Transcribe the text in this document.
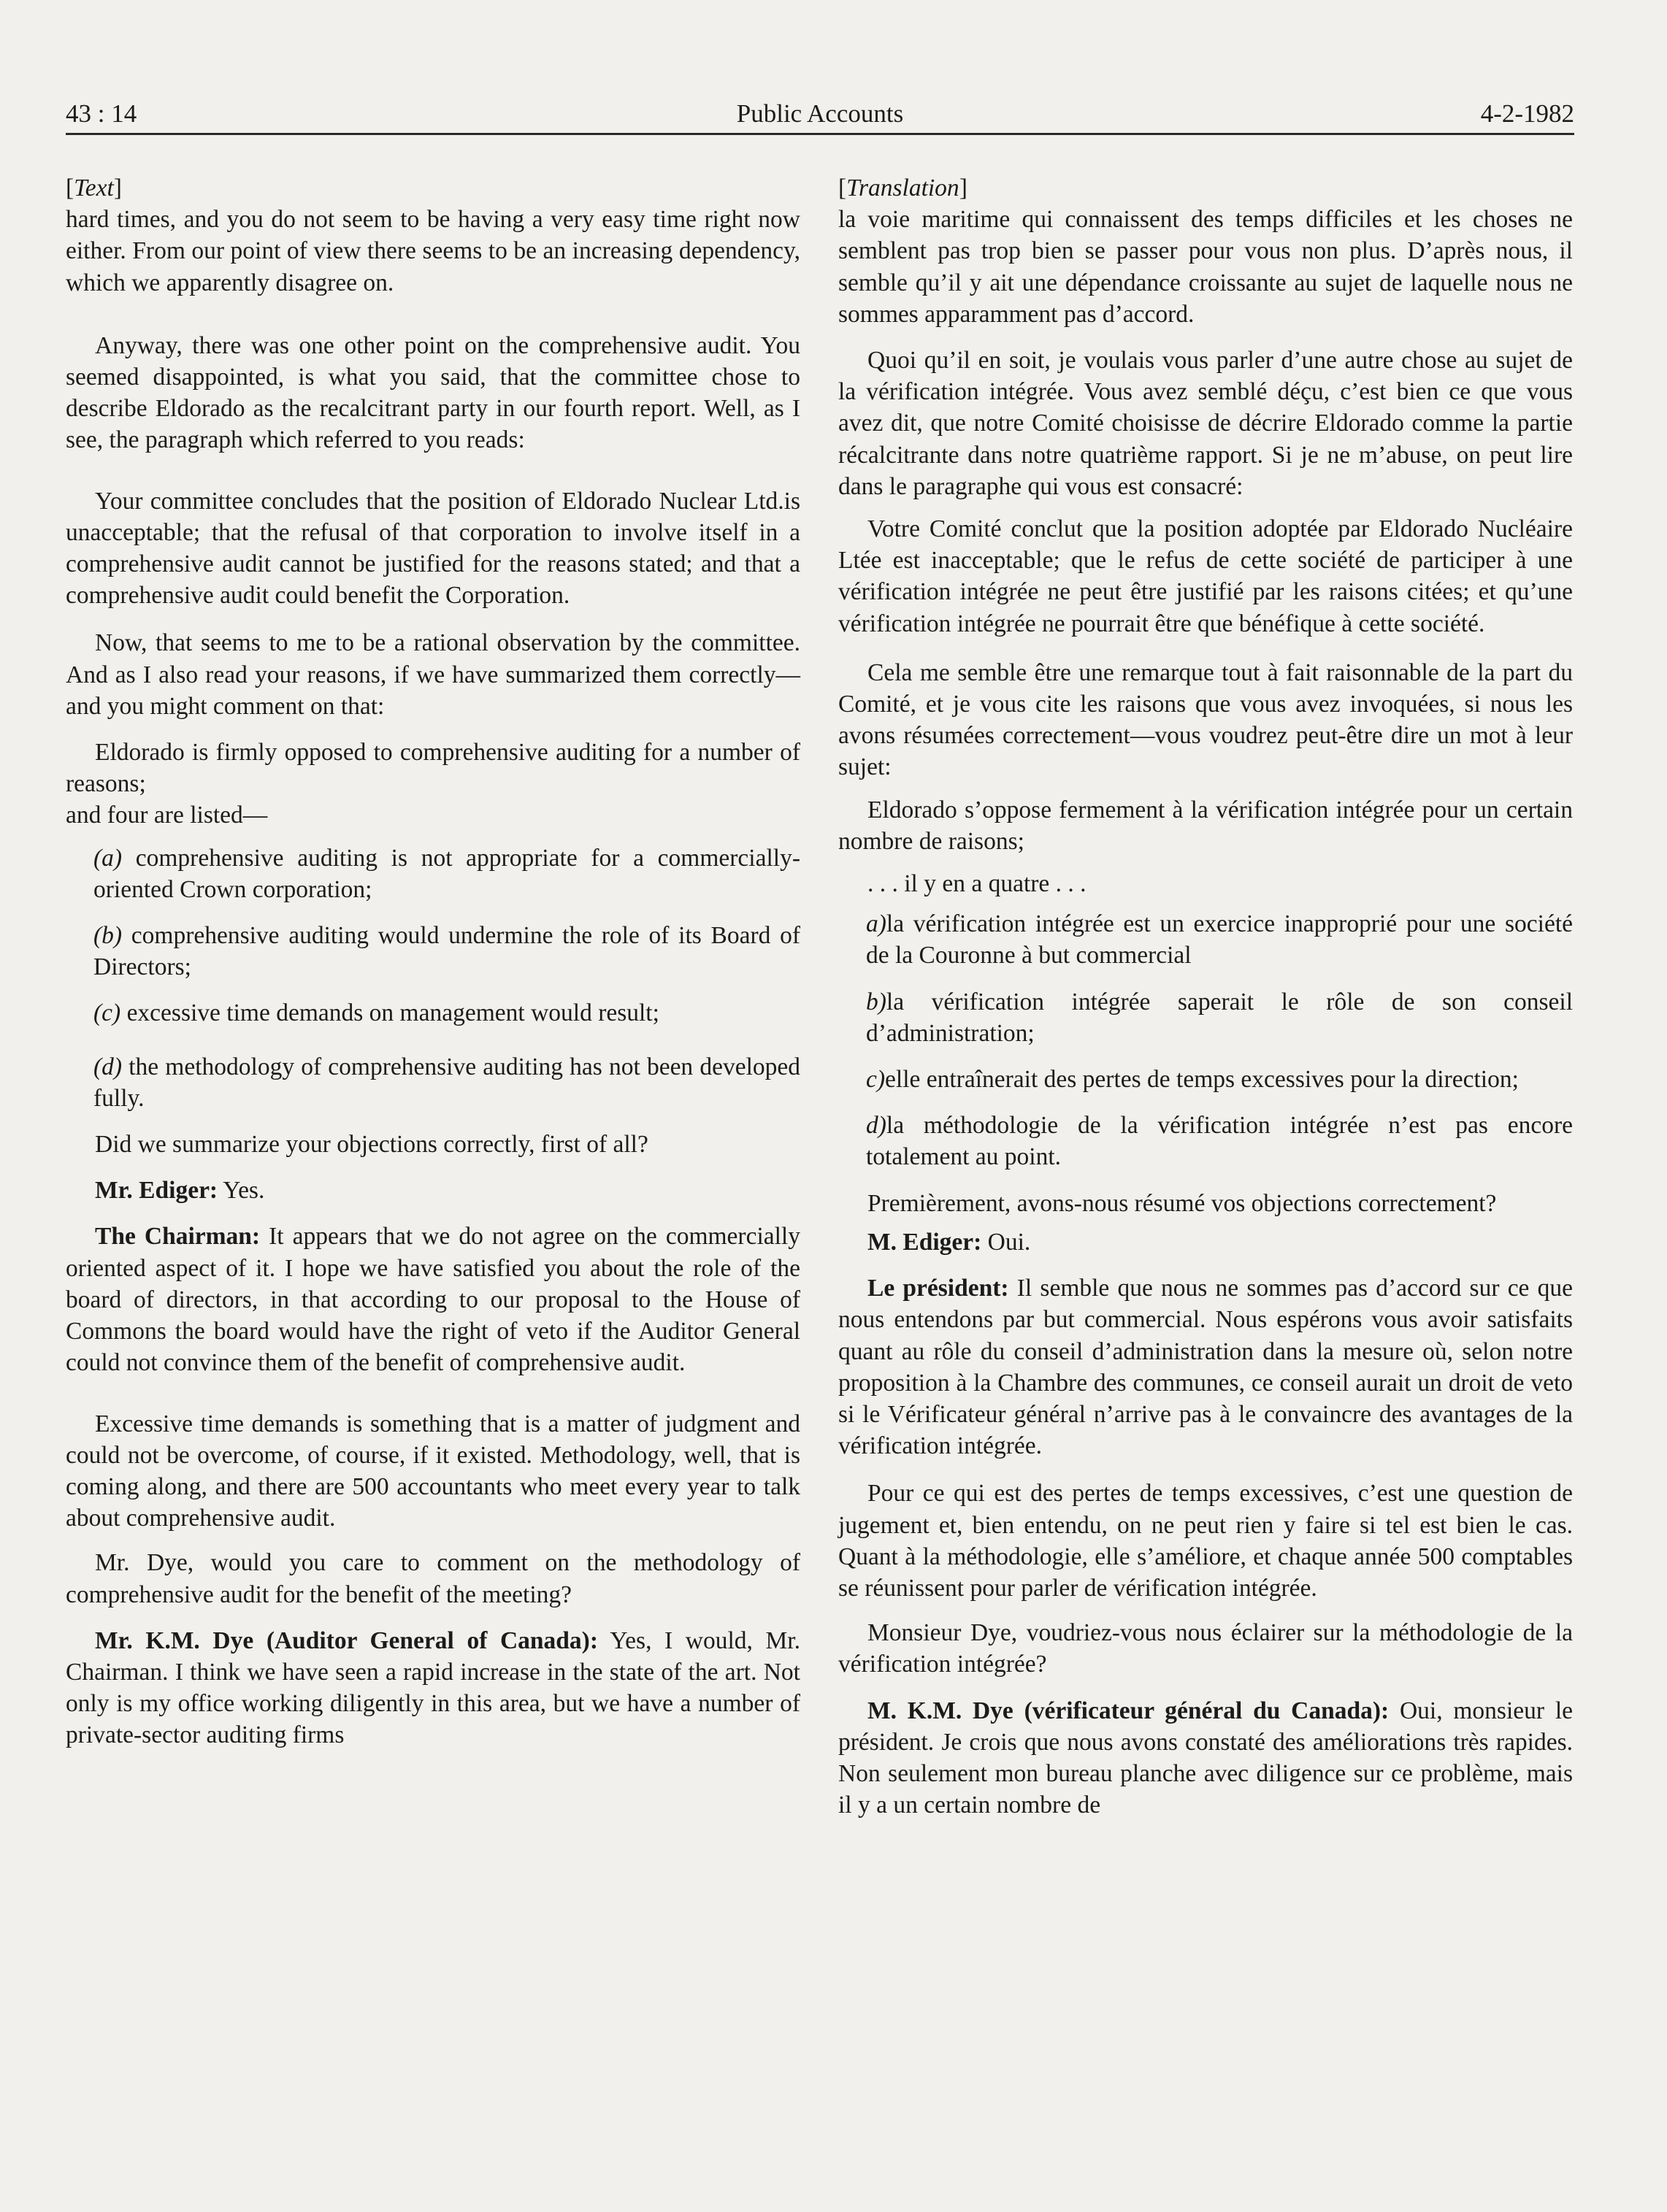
43 : 14	Public Accounts	4-2-1982
[Text]

hard times, and you do not seem to be having a very easy time right now either. From our point of view there seems to be an increasing dependency, which we apparently disagree on.

Anyway, there was one other point on the comprehensive audit. You seemed disappointed, is what you said, that the committee chose to describe Eldorado as the recalcitrant party in our fourth report. Well, as I see, the paragraph which referred to you reads:

Your committee concludes that the position of Eldorado Nuclear Ltd.is unacceptable; that the refusal of that corporation to involve itself in a comprehensive audit cannot be justified for the reasons stated; and that a comprehensive audit could benefit the Corporation.

Now, that seems to me to be a rational observation by the committee. And as I also read your reasons, if we have summarized them correctly—and you might comment on that:

Eldorado is firmly opposed to comprehensive auditing for a number of reasons;

and four are listed—

(a) comprehensive auditing is not appropriate for a commercially-oriented Crown corporation;
(b) comprehensive auditing would undermine the role of its Board of Directors;
(c) excessive time demands on management would result;
(d) the methodology of comprehensive auditing has not been developed fully.

Did we summarize your objections correctly, first of all?

Mr. Ediger: Yes.

The Chairman: It appears that we do not agree on the commercially oriented aspect of it. I hope we have satisfied you about the role of the board of directors, in that according to our proposal to the House of Commons the board would have the right of veto if the Auditor General could not convince them of the benefit of comprehensive audit.

Excessive time demands is something that is a matter of judgment and could not be overcome, of course, if it existed. Methodology, well, that is coming along, and there are 500 accountants who meet every year to talk about comprehensive audit.

Mr. Dye, would you care to comment on the methodology of comprehensive audit for the benefit of the meeting?

Mr. K.M. Dye (Auditor General of Canada): Yes, I would, Mr. Chairman. I think we have seen a rapid increase in the state of the art. Not only is my office working diligently in this area, but we have a number of private-sector auditing firms

[Translation]

la voie maritime qui connaissent des temps difficiles et les choses ne semblent pas trop bien se passer pour vous non plus. D’après nous, il semble qu’il y ait une dépendance croissante au sujet de laquelle nous ne sommes apparamment pas d’accord.

Quoi qu’il en soit, je voulais vous parler d’une autre chose au sujet de la vérification intégrée. Vous avez semblé déçu, c’est bien ce que vous avez dit, que notre Comité choisisse de décrire Eldorado comme la partie récalcitrante dans notre quatrième rapport. Si je ne m’abuse, on peut lire dans le paragraphe qui vous est consacré:

Votre Comité conclut que la position adoptée par Eldorado Nucléaire Ltée est inacceptable; que le refus de cette société de participer à une vérification intégrée ne peut être justifié par les raisons citées; et qu’une vérification intégrée ne pourrait être que bénéfique à cette société.

Cela me semble être une remarque tout à fait raisonnable de la part du Comité, et je vous cite les raisons que vous avez invoquées, si nous les avons résumées correctement—vous voudrez peut-être dire un mot à leur sujet:

Eldorado s’oppose fermement à la vérification intégrée pour un certain nombre de raisons;

. . . il y en a quatre . . .

a)la vérification intégrée est un exercice inapproprié pour une société de la Couronne à but commercial
b)la vérification intégrée saperait le rôle de son conseil d’administration;
c)elle entraînerait des pertes de temps excessives pour la direction;
d)la méthodologie de la vérification intégrée n’est pas encore totalement au point.

Premièrement, avons-nous résumé vos objections correctement?

M. Ediger: Oui.

Le président: Il semble que nous ne sommes pas d’accord sur ce que nous entendons par but commercial. Nous espérons vous avoir satisfaits quant au rôle du conseil d’administration dans la mesure où, selon notre proposition à la Chambre des communes, ce conseil aurait un droit de veto si le Vérificateur général n’arrive pas à le convaincre des avantages de la vérification intégrée.

Pour ce qui est des pertes de temps excessives, c’est une question de jugement et, bien entendu, on ne peut rien y faire si tel est bien le cas. Quant à la méthodologie, elle s’améliore, et chaque année 500 comptables se réunissent pour parler de vérification intégrée.

Monsieur Dye, voudriez-vous nous éclairer sur la méthodologie de la vérification intégrée?

M. K.M. Dye (vérificateur général du Canada): Oui, monsieur le président. Je crois que nous avons constaté des améliorations très rapides. Non seulement mon bureau planche avec diligence sur ce problème, mais il y a un certain nombre de
